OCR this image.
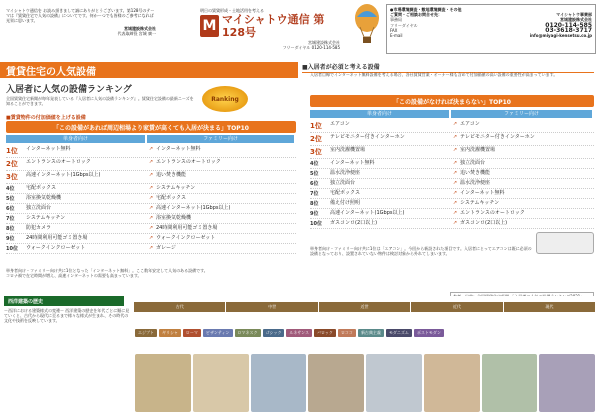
マイシャトウ通信を お読み頂きまして誠にありがとうございます。第128号のテーマは『賃貸住宅で人気の設備』についてです。何かーつでも皆様のご参考になれば光栄に思います。
宮城建設株式会社
代表取締役 宮城 廣一
明日の賃貸形成・土地活用を考える
M マイシャトウ通信 第128号
宮城建設株式会社
フリーダイヤル 0120-114-585
●市場環境調査・敷地環境調査・その他
ご質問・ご相談お問合せ先：	マイシャトウ事業部
事務局	宮城建設株式会社
フリーダイヤル	0120-114-585
FAX	03-3618-3717
E-mail	info@miyagi-kensetsu.co.jp
賃貸住宅の人気設備
入居者に人気の設備ランキング
Ranking
全国賃貸住宅新聞が毎年発表している『入居者に人気の設備ランキング』。賃貸住宅設備の最新ニーズを知ることができます。
■賃貸物件の付加価値を上げる設備
「この設備があれば周辺相場より家賃が高くても入居が決まる」TOP10
単身者向け	ファミリー向け
1位	インターネット無料	↗ インターネット無料
2位	エントランスのオートロック	↗ エントランスのオートロック
3位	高速インターネット(1Gbps以上)	↗ 追い焚き機能
4位	宅配ボックス	↗ システムキッチン
5位	浴室換気乾燥機	↗ 宅配ボックス
6位	独立洗面台	↗ 高速インターネット(1Gbps以上)
7位	システムキッチン	↗ 浴室換気乾燥機
8位	防犯カメラ	↗ 24時間利用可能ゴミ置き場
9位	24時間利用可能ゴミ置き場	↗ ウォークインクローゼット
10位	ウォークインクローゼット	↗ ガレージ
単身者向け・ファミリー向け共に1位となった「インターネット無料」。ここ数年安定して人気のある設備です。コロナ禍で在宅時間が増え、高速インターネットの需要も高まっています。
■入居者が必須と考える設備
入居者目線でインターネット無料設備を考える場合、各社賃貸営業・オーナー様も含めて付加価値の高い設備の重要性が高まっています。
「この設備がなければ決まらない」TOP10
単身者向け	ファミリー向け
1位	エアコン	↗ エアコン
2位	テレビモニター付きインターホン	↗ テレビモニター付きインターホン
3位	室内洗濯機置場	↗ 室内洗濯機置場
4位	インターネット無料	↗ 独立洗面台
5位	温水洗浄便座	↗ 追い焚き機能
6位	独立洗面台	↗ 温水洗浄便座
7位	宅配ボックス	↗ インターネット無料
8位	備え付け照明	↗ システムキッチン
9位	高速インターネット(1Gbps以上)	↗ エントランスのオートロック
10位	ガスコンロ(2口以上)	↗ ガスコンロ(2口以上)
単身者向け・ファミリー向け共に1位は「エアコン」。今回から新設された項目です。入居者にとってエアコンは既に必須の設備となっており、設置されていない物件は検討対象から外れてしまいます。
西洋建築の歴史
ー西洋における建築様式の変遷ー 西洋建築の歴史を年代ごとに順に見ていくと、古代から現代に至るまで様々な様式が生まれ、その時代の文化や技術を反映しています。
古代	中世	近世	近代	現代
エジプト	ギリシャ	ローマ	ビザンティン	ロマネスク	ゴシック	ルネサンス	バロック	ロココ	新古典主義	モダニズム	ポストモダン
